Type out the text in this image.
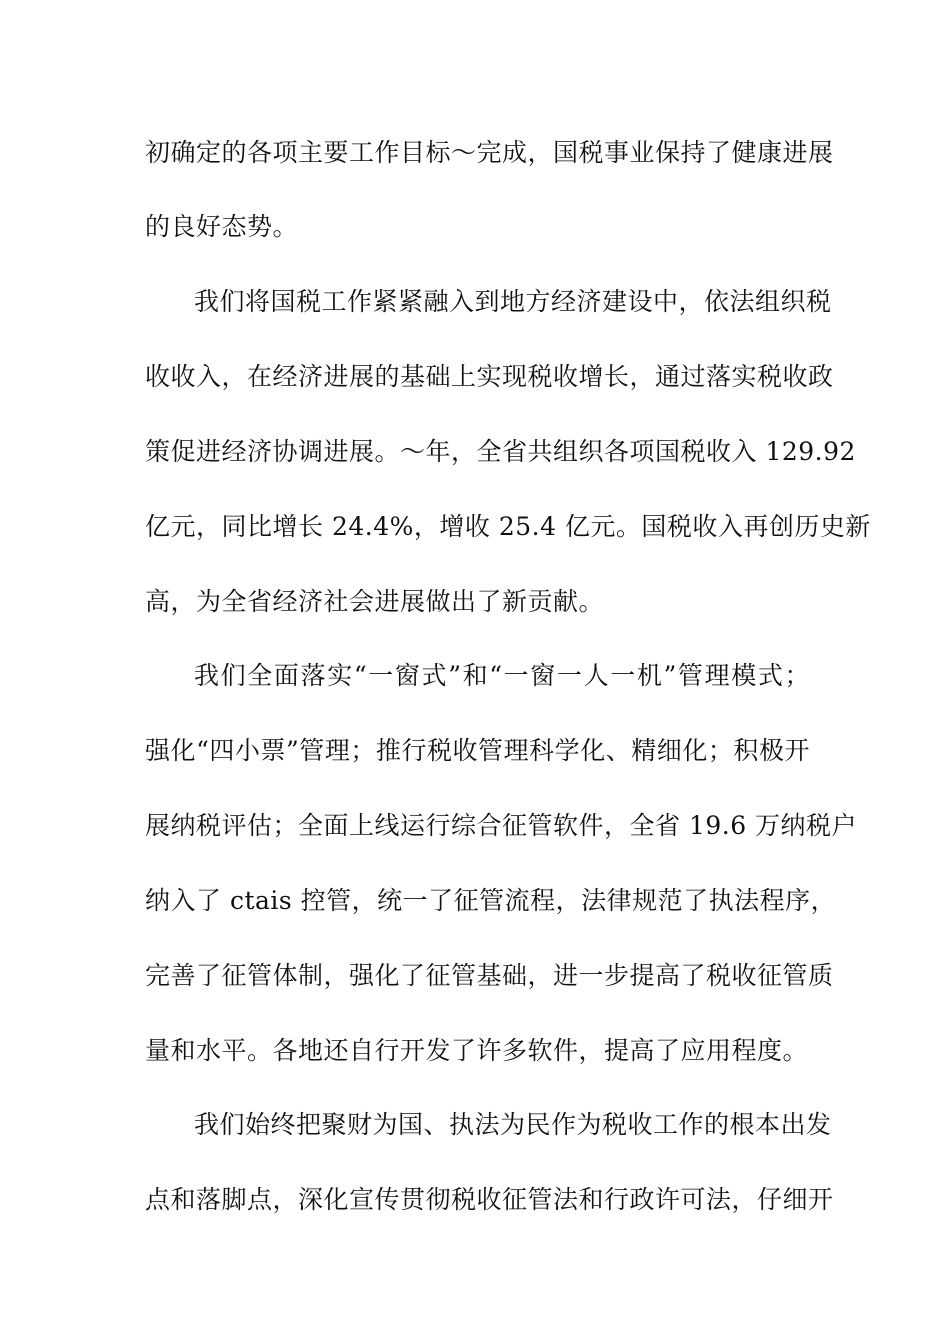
初确定的各项主要工作目标～完成，国税事业保持了健康进展
的良好态势。
我们将国税工作紧紧融入到地方经济建设中，依法组织税
收收入，在经济进展的基础上实现税收增长，通过落实税收政
策促进经济协调进展。～年，全省共组织各项国税收入 129.92
亿元，同比增长 24.4%，增收 25.4 亿元。国税收入再创历史新
高，为全省经济社会进展做出了新贡献。
我们全面落实“一窗式”和“一窗一人一机”管理模式；
强化“四小票”管理；推行税收管理科学化、精细化；积极开
展纳税评估；全面上线运行综合征管软件，全省 19.6 万纳税户
纳入了 ctais 控管，统一了征管流程，法律规范了执法程序，
完善了征管体制，强化了征管基础，进一步提高了税收征管质
量和水平。各地还自行开发了许多软件，提高了应用程度。
我们始终把聚财为国、执法为民作为税收工作的根本出发
点和落脚点，深化宣传贯彻税收征管法和行政许可法，仔细开
